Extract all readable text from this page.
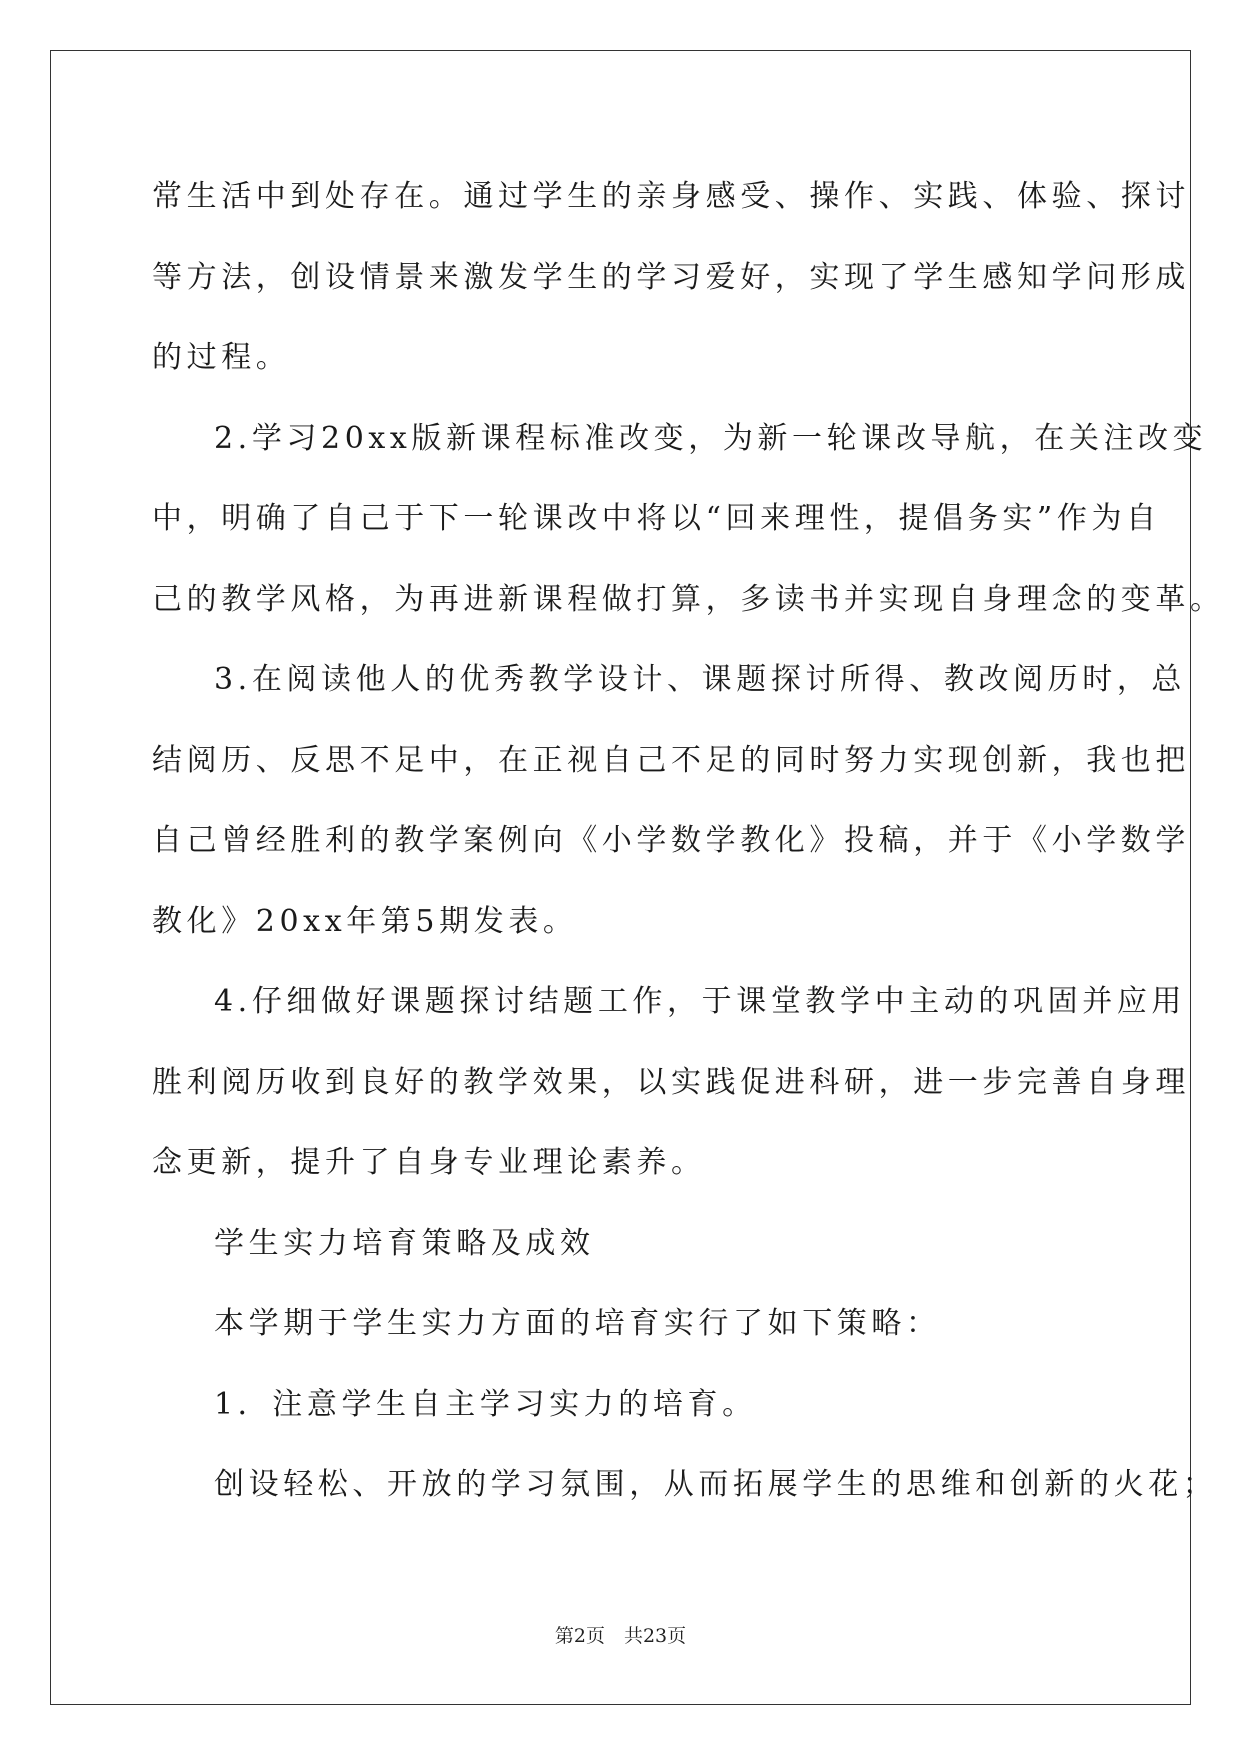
常生活中到处存在。通过学生的亲身感受、操作、实践、体验、探讨
等方法，创设情景来激发学生的学习爱好，实现了学生感知学问形成
的过程。
2.学习20xx版新课程标准改变，为新一轮课改导航，在关注改变
中，明确了自己于下一轮课改中将以“回来理性，提倡务实”作为自
己的教学风格，为再进新课程做打算，多读书并实现自身理念的变革。
3.在阅读他人的优秀教学设计、课题探讨所得、教改阅历时，总
结阅历、反思不足中，在正视自己不足的同时努力实现创新，我也把
自己曾经胜利的教学案例向《小学数学教化》投稿，并于《小学数学
教化》20xx年第5期发表。
4.仔细做好课题探讨结题工作，于课堂教学中主动的巩固并应用
胜利阅历收到良好的教学效果，以实践促进科研，进一步完善自身理
念更新，提升了自身专业理论素养。
学生实力培育策略及成效
本学期于学生实力方面的培育实行了如下策略：
1．注意学生自主学习实力的培育。
创设轻松、开放的学习氛围，从而拓展学生的思维和创新的火花；
第2页　共23页
